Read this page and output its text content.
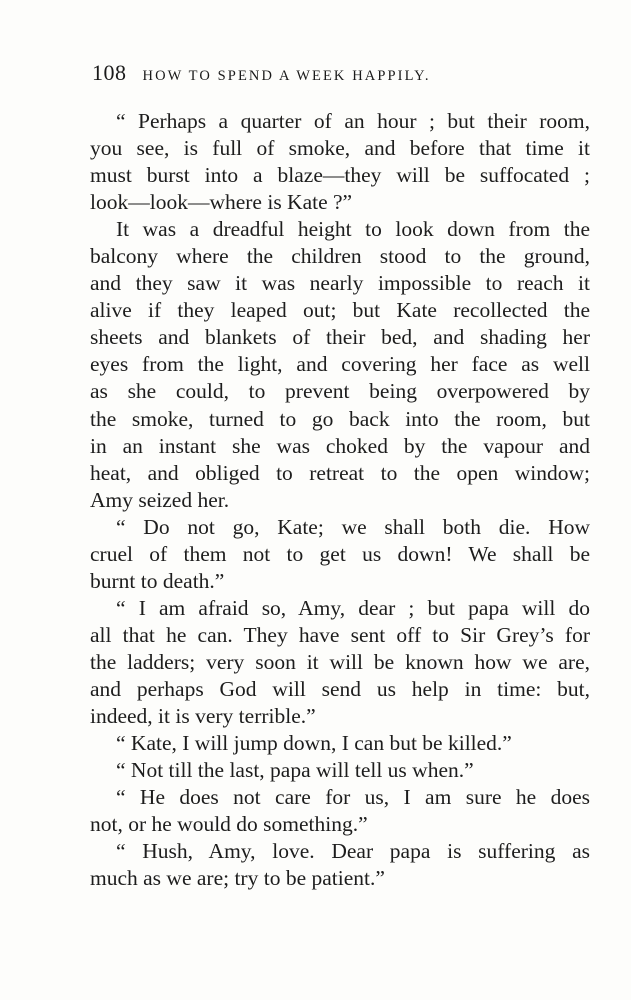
108 HOW TO SPEND A WEEK HAPPILY.
“ Perhaps a quarter of an hour ; but their room,
you see, is full of smoke, and before that time it
must burst into a blaze—they will be suffocated ;
look—look—where is Kate ?”
It was a dreadful height to look down from the
balcony where the children stood to the ground,
and they saw it was nearly impossible to reach it
alive if they leaped out; but Kate recollected the
sheets and blankets of their bed, and shading her
eyes from the light, and covering her face as well
as she could, to prevent being overpowered by
the smoke, turned to go back into the room, but
in an instant she was choked by the vapour and
heat, and obliged to retreat to the open window;
Amy seized her.
“ Do not go, Kate; we shall both die. How
cruel of them not to get us down! We shall be
burnt to death.”
“ I am afraid so, Amy, dear ; but papa will do
all that he can. They have sent off to Sir Grey’s for
the ladders; very soon it will be known how we are,
and perhaps God will send us help in time: but,
indeed, it is very terrible.”
“ Kate, I will jump down, I can but be killed.”
“ Not till the last, papa will tell us when.”
“ He does not care for us, I am sure he does
not, or he would do something.”
“ Hush, Amy, love. Dear papa is suffering as
much as we are; try to be patient.”
